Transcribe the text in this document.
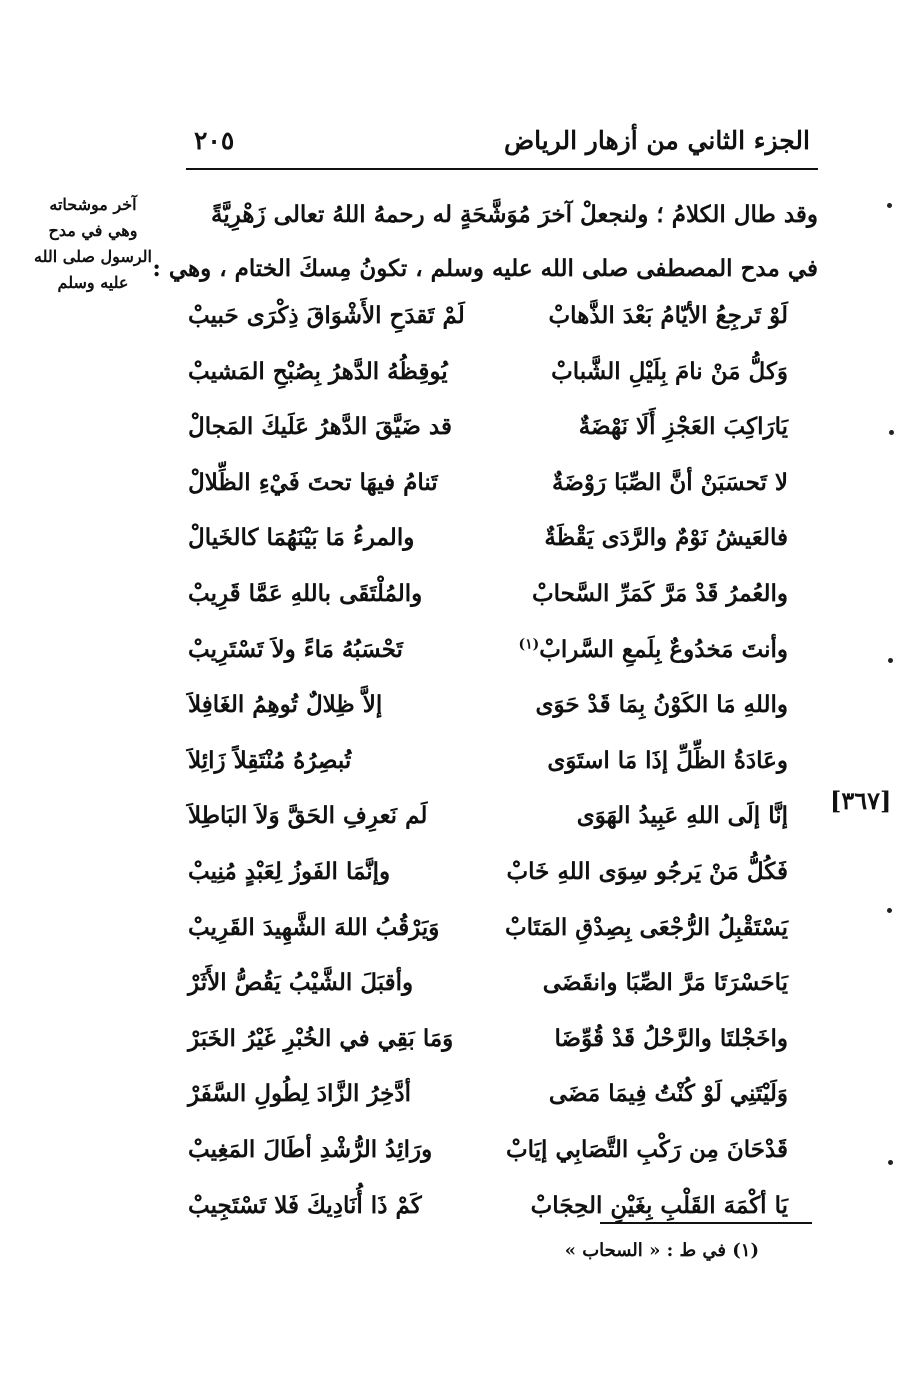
الجزء الثاني من أزهار الرياض
٢٠٥
آخر موشحاته
وهي في مدح
الرسول صلى الله
عليه وسلم
[٣٦٧]
وقد طال الكلامُ ؛ ولنجعلْ آخرَ مُوَشَّحَةٍ له رحمهُ اللهُ تعالى زَهْرِيَّةً
في مدح المصطفى صلى الله عليه وسلم ، تكونُ مِسكَ الختام ، وهي :
لَوْ تَرجِعُ الأيّامُ بَعْدَ الذَّهابْ
لَمْ تَقدَحِ الأَشْوَاقَ ذِكْرَى حَبيبْ
وَكلُّ مَنْ نامَ بِلَيْلِ الشَّبابْ
يُوقِظُهُ الدَّهرُ بِصُبْحِ المَشيبْ
يَارَاكِبَ العَجْزِ أَلَا نَهْضَةٌ
قد ضَيَّقَ الدَّهرُ عَلَيكَ المَجالْ
لا تَحسَبَنْ أنَّ الصِّبَا رَوْضَةٌ
تَنامُ فيهَا تحتَ فَيْءِ الظِّلالْ
فالعَيشُ نَوْمٌ والرَّدَى يَقْظَةٌ
والمرءُ مَا بَيْنَهُمَا كالخَيالْ
والعُمرُ قَدْ مَرَّ كَمَرِّ السَّحابْ
والمُلْتَقَى باللهِ عَمَّا قَرِيبْ
وأنتَ مَخدُوعٌ بِلَمعِ السَّرابْ$^{(١)}$
تَحْسَبُهُ مَاءً ولاَ تَسْتَرِيبْ
واللهِ مَا الكَوْنُ بِمَا قَدْ حَوَى
إلاَّ ظِلالٌ تُوهِمُ الغَافِلاَ
وعَادَةُ الظِّلِّ إذَا مَا استَوَى
تُبصِرُهُ مُنْتَقِلاً زَائِلاَ
إنَّا إلَى اللهِ عَبِيدُ الهَوَى
لَم نَعرِفِ الحَقَّ وَلاَ البَاطِلاَ
فَكُلُّ مَنْ يَرجُو سِوَى اللهِ خَابْ
وإنَّمَا الفَوزُ لِعَبْدٍ مُنِيبْ
يَسْتَقْبِلُ الرُّجْعَى بِصِدْقِ المَتَابْ
وَيَرْقُبُ اللهَ الشَّهِيدَ القَرِيبْ
يَاحَسْرَتَا مَرَّ الصِّبَا وانقَضَى
وأقبَلَ الشَّيْبُ يَقُصُّ الأَثَرْ
واخَجْلتَا والرَّحْلُ قَدْ قُوِّضَا
وَمَا بَقِي في الخُبْرِ غَيْرُ الخَبَرْ
وَلَيْتَنِي لَوْ كُنْتُ فِيمَا مَضَى
أدَّخِرُ الزَّادَ لِطُولِ السَّفَرْ
قَدْحَانَ مِن رَكْبِ التَّصَابِي إيَابْ
ورَائِدُ الرُّشْدِ أطَالَ المَغِيبْ
يَا أكْمَهَ القَلْبِ بِغَيْنِ الحِجَابْ
كَمْ ذَا أُنَادِيكَ فَلا تَسْتَجِيبْ
(١) في ط : « السحاب »
